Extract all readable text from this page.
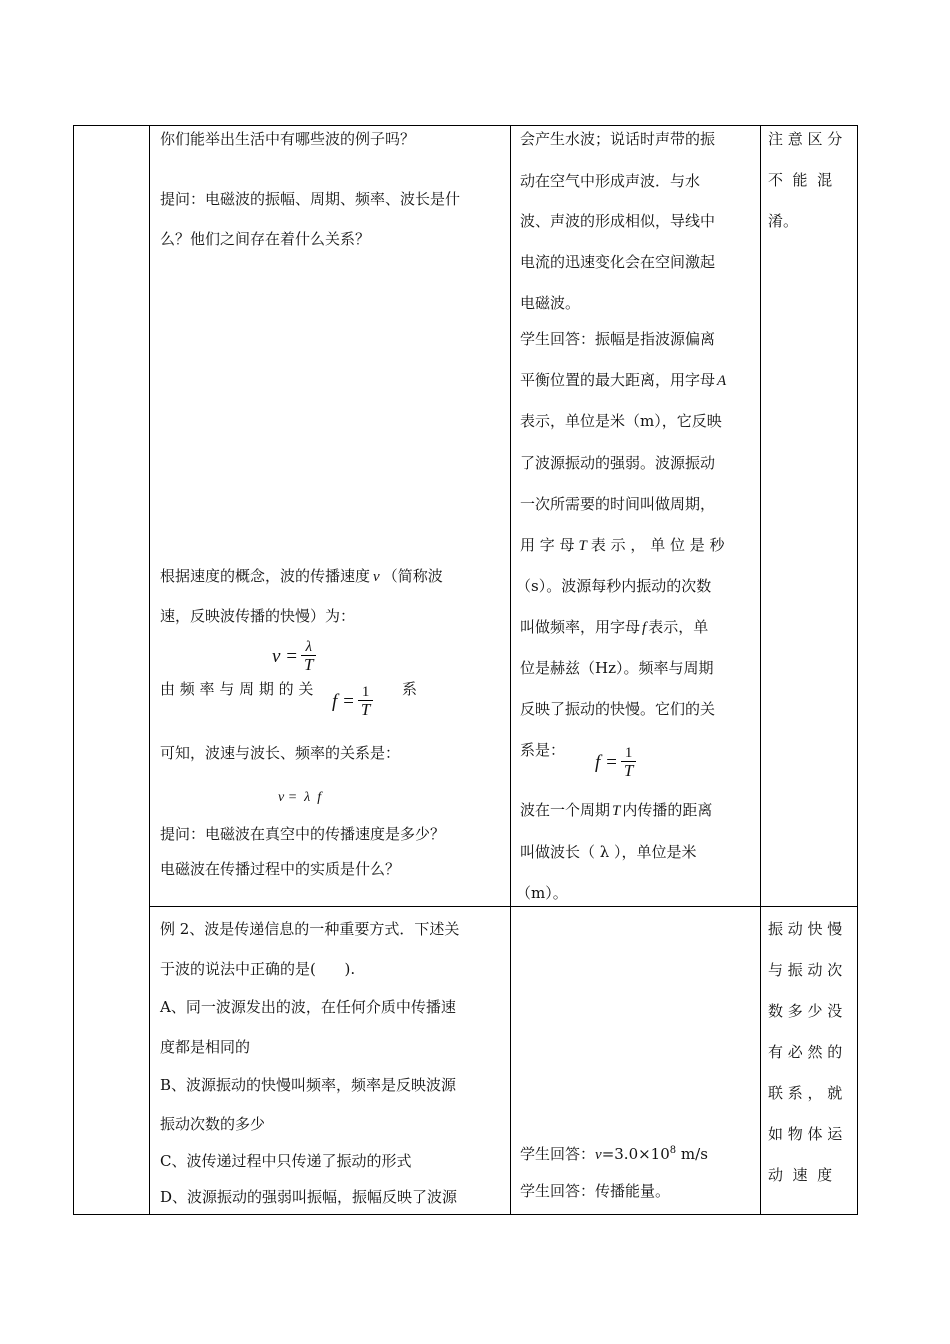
你们能举出生活中有哪些波的例子吗？
提问：电磁波的振幅、周期、频率、波长是什
么？他们之间存在着什么关系？
根据速度的概念，波的传播速度 v （简称波
速，反映波传播的快慢）为：
$v = \frac{\lambda}{T}$
由 频 率 与 周 期 的 关
$f = \frac{1}{T}$ 系
可知，波速与波长、频率的关系是：
v =  λ  f
提问：电磁波在真空中的传播速度是多少？
电磁波在传播过程中的实质是什么？
例 2、波是传递信息的一种重要方式．下述关
于波的说法中正确的是(      ).
A、同一波源发出的波，在任何介质中传播速
度都是相同的
B、波源振动的快慢叫频率，频率是反映波源
振动次数的多少
C、波传递过程中只传递了振动的形式
D、波源振动的强弱叫振幅，振幅反映了波源
会产生水波；说话时声带的振
动在空气中形成声波．与水
波、声波的形成相似，导线中
电流的迅速变化会在空间激起
电磁波。
学生回答：振幅是指波源偏离
平衡位置的最大距离，用字母 A
表示，单位是米（m），它反映
了波源振动的强弱。波源振动
一次所需要的时间叫做周期，
用 字 母 T 表 示 ， 单 位 是 秒
（s）。波源每秒内振动的次数
叫做频率，用字母 f 表示，单
位是赫兹（Hz）。频率与周期
反映了振动的快慢。它们的关
系是：
$f = \frac{1}{T}$
波在一个周期 T 内传播的距离
叫做波长（ λ ），单位是米
（m）。
学生回答：$v=3.0\times 10^8$ m/s
学生回答：传播能量。
注 意 区 分
不  能  混
淆。
振 动 快 慢
与 振 动 次
数 多 少 没
有 必 然 的
联 系 ， 就
如 物 体 运
动  速  度
